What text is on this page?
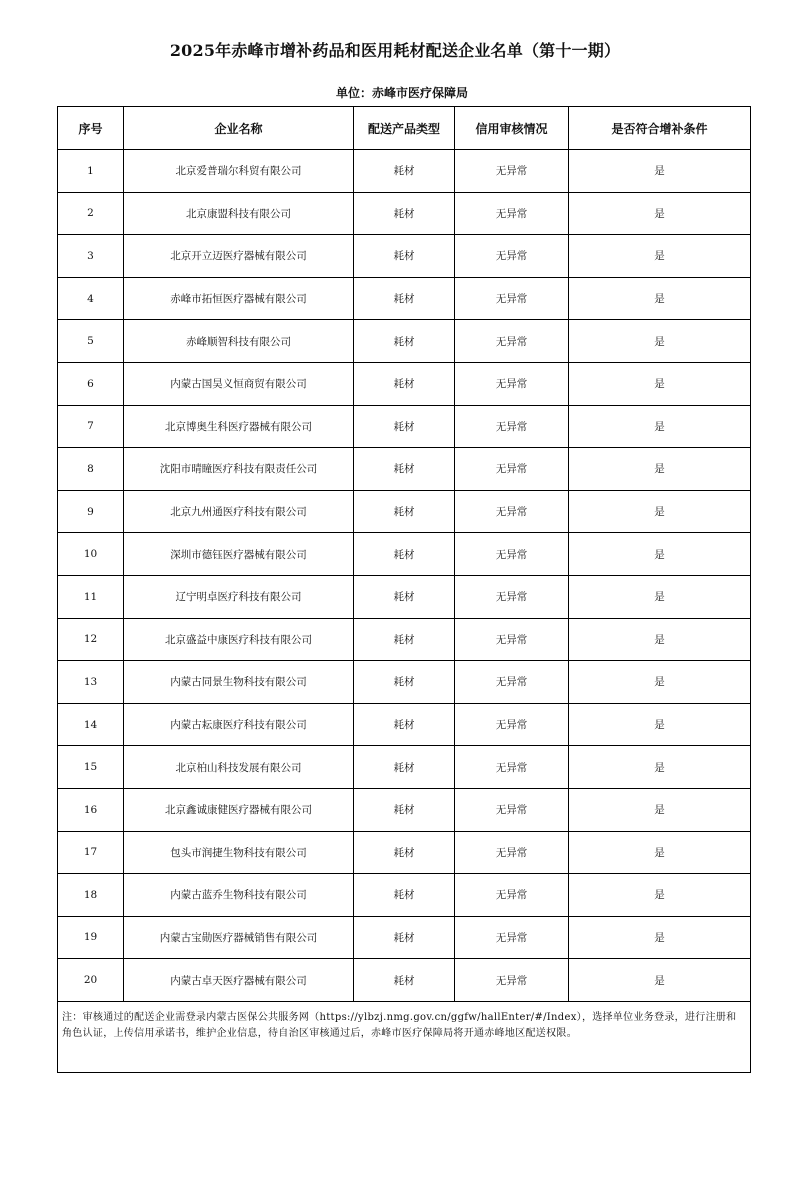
2025年赤峰市增补药品和医用耗材配送企业名单（第十一期）
单位：赤峰市医疗保障局
序号	企业名称	配送产品类型	信用审核情况	是否符合增补条件
1	北京爱普瑞尔科贸有限公司	耗材	无异常	是
2	北京康盟科技有限公司	耗材	无异常	是
3	北京开立迈医疗器械有限公司	耗材	无异常	是
4	赤峰市拓恒医疗器械有限公司	耗材	无异常	是
5	赤峰顺智科技有限公司	耗材	无异常	是
6	内蒙古国昊义恒商贸有限公司	耗材	无异常	是
7	北京博奥生科医疗器械有限公司	耗材	无异常	是
8	沈阳市晴瞳医疗科技有限责任公司	耗材	无异常	是
9	北京九州通医疗科技有限公司	耗材	无异常	是
10	深圳市德钰医疗器械有限公司	耗材	无异常	是
11	辽宁明卓医疗科技有限公司	耗材	无异常	是
12	北京盛益中康医疗科技有限公司	耗材	无异常	是
13	内蒙古同景生物科技有限公司	耗材	无异常	是
14	内蒙古耘康医疗科技有限公司	耗材	无异常	是
15	北京柏山科技发展有限公司	耗材	无异常	是
16	北京鑫诚康健医疗器械有限公司	耗材	无异常	是
17	包头市润捷生物科技有限公司	耗材	无异常	是
18	内蒙古蓝乔生物科技有限公司	耗材	无异常	是
19	内蒙古宝勋医疗器械销售有限公司	耗材	无异常	是
20	内蒙古卓天医疗器械有限公司	耗材	无异常	是
注：审核通过的配送企业需登录内蒙古医保公共服务网（https://ylbzj.nmg.gov.cn/ggfw/hallEnter/#/Index），选择单位业务登录，进行注册和角色认证，上传信用承诺书，维护企业信息，待自治区审核通过后，赤峰市医疗保障局将开通赤峰地区配送权限。				
